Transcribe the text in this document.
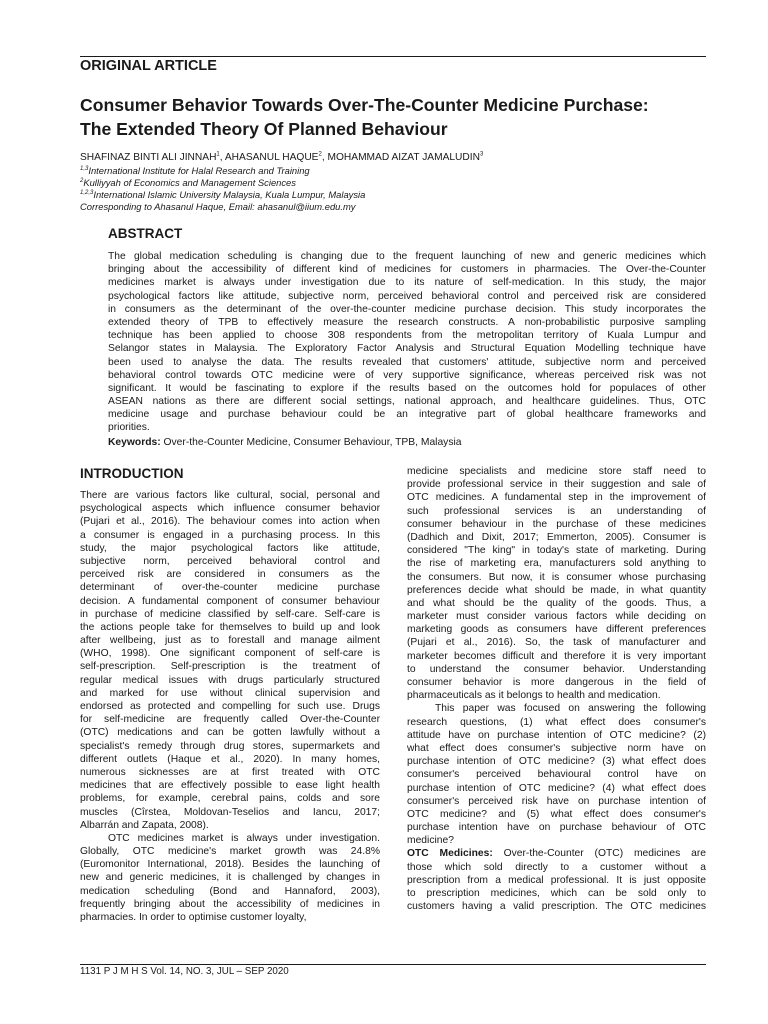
ORIGINAL ARTICLE
Consumer Behavior Towards Over-The-Counter Medicine Purchase:
The Extended Theory Of Planned Behaviour
SHAFINAZ BINTI ALI JINNAH$^1$, AHASANUL HAQUE$^2$, MOHAMMAD AIZAT JAMALUDIN$^3$
$^{1,3}$International Institute for Halal Research and Training
$^2$Kulliyyah of Economics and Management Sciences
$^{1,2,3}$International Islamic University Malaysia, Kuala Lumpur, Malaysia
Corresponding to Ahasanul Haque, Email: ahasanul@iium.edu.my
ABSTRACT
The global medication scheduling is changing due to the frequent launching of new and generic medicines which
bringing about the accessibility of different kind of medicines for customers in pharmacies. The Over-the-Counter
medicines market is always under investigation due to its nature of self-medication. In this study, the major
psychological factors like attitude, subjective norm, perceived behavioral control and perceived risk are considered
in consumers as the determinant of the over-the-counter medicine purchase decision. This study incorporates the
extended theory of TPB to effectively measure the research constructs. A non-probabilistic purposive sampling
technique has been applied to choose 308 respondents from the metropolitan territory of Kuala Lumpur and
Selangor states in Malaysia. The Exploratory Factor Analysis and Structural Equation Modelling technique have
been used to analyse the data. The results revealed that customers' attitude, subjective norm and perceived
behavioral control towards OTC medicine were of very supportive significance, whereas perceived risk was not
significant. It would be fascinating to explore if the results based on the outcomes hold for populaces of other
ASEAN nations as there are different social settings, national approach, and healthcare guidelines. Thus, OTC
medicine usage and purchase behaviour could be an integrative part of global healthcare frameworks and
priorities.
Keywords: Over-the-Counter Medicine, Consumer Behaviour, TPB, Malaysia
INTRODUCTION
There are various factors like cultural, social, personal and
psychological aspects which influence consumer behavior
(Pujari et al., 2016). The behaviour comes into action when
a consumer is engaged in a purchasing process. In this
study, the major psychological factors like attitude,
subjective norm, perceived behavioral control and
perceived risk are considered in consumers as the
determinant of over-the-counter medicine purchase
decision. A fundamental component of consumer behaviour
in purchase of medicine classified by self-care. Self-care is
the actions people take for themselves to build up and look
after wellbeing, just as to forestall and manage ailment
(WHO, 1998). One significant component of self-care is
self-prescription. Self-prescription is the treatment of
regular medical issues with drugs particularly structured
and marked for use without clinical supervision and
endorsed as protected and compelling for such use. Drugs
for self-medicine are frequently called Over-the-Counter
(OTC) medications and can be gotten lawfully without a
specialist's remedy through drug stores, supermarkets and
different outlets (Haque et al., 2020). In many homes,
numerous sicknesses are at first treated with OTC
medicines that are effectively possible to ease light health
problems, for example, cerebral pains, colds and sore
muscles (Cîrstea, Moldovan-Teselios and Iancu, 2017;
Albarrán and Zapata, 2008).
OTC medicines market is always under investigation.
Globally, OTC medicine's market growth was 24.8%
(Euromonitor International, 2018). Besides the launching of
new and generic medicines, it is challenged by changes in
medication scheduling (Bond and Hannaford, 2003),
frequently bringing about the accessibility of medicines in
pharmacies. In order to optimise customer loyalty,
medicine specialists and medicine store staff need to
provide professional service in their suggestion and sale of
OTC medicines. A fundamental step in the improvement of
such professional services is an understanding of
consumer behaviour in the purchase of these medicines
(Dadhich and Dixit, 2017; Emmerton, 2005). Consumer is
considered "The king" in today's state of marketing. During
the rise of marketing era, manufacturers sold anything to
the consumers. But now, it is consumer whose purchasing
preferences decide what should be made, in what quantity
and what should be the quality of the goods. Thus, a
marketer must consider various factors while deciding on
marketing goods as consumers have different preferences
(Pujari et al., 2016). So, the task of manufacturer and
marketer becomes difficult and therefore it is very important
to understand the consumer behavior. Understanding
consumer behavior is more dangerous in the field of
pharmaceuticals as it belongs to health and medication.
This paper was focused on answering the following
research questions, (1) what effect does consumer's
attitude have on purchase intention of OTC medicine? (2)
what effect does consumer's subjective norm have on
purchase intention of OTC medicine? (3) what effect does
consumer's perceived behavioural control have on
purchase intention of OTC medicine? (4) what effect does
consumer's perceived risk have on purchase intention of
OTC medicine? and (5) what effect does consumer's
purchase intention have on purchase behaviour of OTC
medicine?
OTC Medicines: Over-the-Counter (OTC) medicines are
those which sold directly to a customer without a
prescription from a medical professional. It is just opposite
to prescription medicines, which can be sold only to
customers having a valid prescription. The OTC medicines
1131 P J M H S Vol. 14, NO. 3, JUL – SEP 2020
